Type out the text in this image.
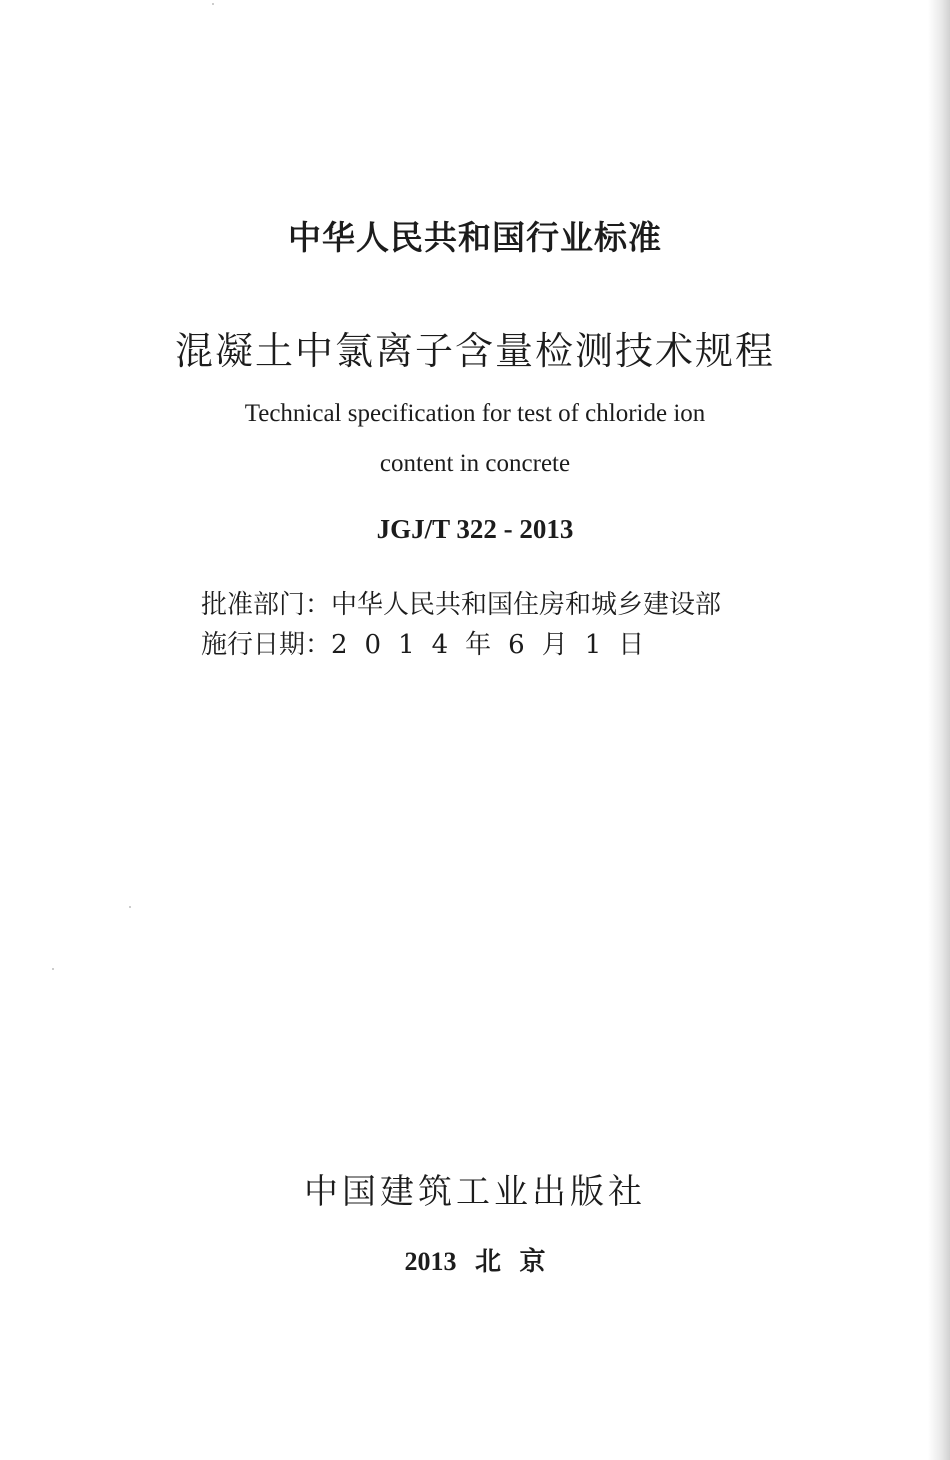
中华人民共和国行业标准
混凝土中氯离子含量检测技术规程
Technical specification for test of chloride ion
content in concrete
JGJ/T 322 - 2013
批准部门：中华人民共和国住房和城乡建设部
施行日期：2014年6月1日
中国建筑工业出版社
2013 北 京
